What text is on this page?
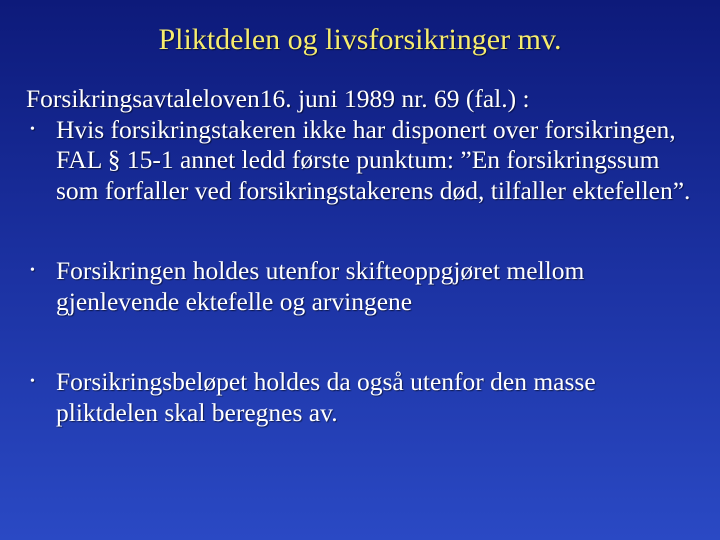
Pliktdelen og livsforsikringer mv.

Forsikringsavtaleloven16. juni 1989 nr. 69 (fal.) :

• Hvis forsikringstakeren ikke har disponert over forsikringen, FAL § 15-1 annet ledd første punktum: ”En forsikringssum som forfaller ved forsikringstakerens død, tilfaller ektefellen”.
• Forsikringen holdes utenfor skifteoppgjøret mellom gjenlevende ektefelle og arvingene
• Forsikringsbeløpet holdes da også utenfor den masse pliktdelen skal beregnes av.
